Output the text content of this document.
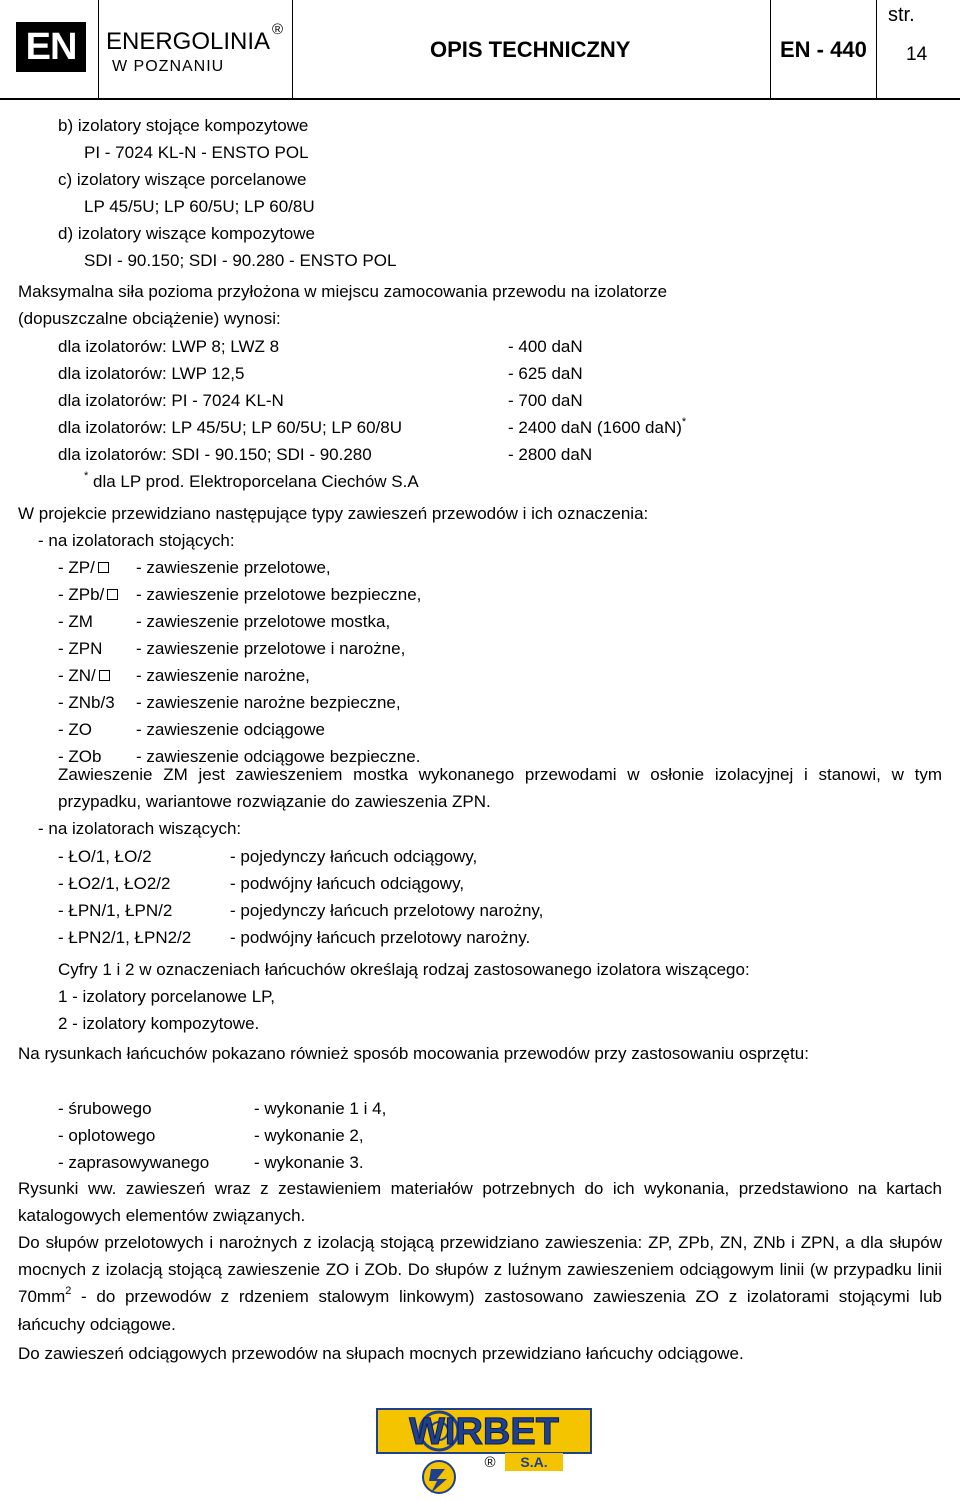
EN	ENERGOLINIA ®
W POZNANIU
OPIS TECHNICZNY	EN - 440
str.
14
b) izolatory stojące kompozytowe
PI - 7024 KL-N - ENSTO POL
c) izolatory wiszące porcelanowe
LP 45/5U; LP 60/5U; LP 60/8U
d) izolatory wiszące kompozytowe
SDI - 90.150; SDI - 90.280 - ENSTO POL
Maksymalna siła pozioma przyłożona w miejscu zamocowania przewodu na izolatorze
(dopuszczalne obciążenie) wynosi:
dla izolatorów: LWP 8; LWZ 8	- 400 daN
dla izolatorów: LWP 12,5	- 625 daN
dla izolatorów: PI - 7024 KL-N	- 700 daN
dla izolatorów: LP 45/5U; LP 60/5U; LP 60/8U	- 2400 daN (1600 daN)*
dla izolatorów: SDI - 90.150; SDI - 90.280	- 2800 daN
* dla LP prod. Elektroporcelana Ciechów S.A
W projekcie przewidziano następujące typy zawieszeń przewodów i ich oznaczenia:
- na izolatorach stojących:
- ZP/	- zawieszenie przelotowe,
- ZPb/	- zawieszenie przelotowe bezpieczne,
- ZM	- zawieszenie przelotowe mostka,
- ZPN - zawieszenie przelotowe i narożne,
- ZN/	- zawieszenie narożne,
- ZNb/3 - zawieszenie narożne bezpieczne,
- ZO	- zawieszenie odciągowe
- ZOb - zawieszenie odciągowe bezpieczne.
Zawieszenie ZM jest zawieszeniem mostka wykonanego przewodami w osłonie izolacyjnej i stanowi, w tym przypadku, wariantowe rozwiązanie do zawieszenia ZPN.
- na izolatorach wiszących:
- ŁO/1, ŁO/2	- pojedynczy łańcuch odciągowy,
- ŁO2/1, ŁO2/2	- podwójny łańcuch odciągowy,
- ŁPN/1, ŁPN/2	- pojedynczy łańcuch przelotowy narożny,
- ŁPN2/1, ŁPN2/2 - podwójny łańcuch przelotowy narożny.
Cyfry 1 i 2 w oznaczeniach łańcuchów określają rodzaj zastosowanego izolatora wiszącego:
1 - izolatory porcelanowe LP,
2 - izolatory kompozytowe.
Na rysunkach łańcuchów pokazano również sposób mocowania przewodów przy zastosowaniu osprzętu:
- śrubowego	- wykonanie 1 i 4,
- oplotowego	- wykonanie 2,
- zaprasowywanego	- wykonanie 3.
Rysunki ww. zawieszeń wraz z zestawieniem materiałów potrzebnych do ich wykonania, przedstawiono na kartach katalogowych elementów związanych.
Do słupów przelotowych i narożnych z izolacją stojącą przewidziano zawieszenia: ZP, ZPb, ZN, ZNb i ZPN, a dla słupów mocnych z izolacją stojącą zawieszenie ZO i ZOb. Do słupów z luźnym zawieszeniem odciągowym linii (w przypadku linii $70mm^2$ - do przewodów z rdzeniem stalowym linkowym) zastosowano zawieszenia ZO z izolatorami stojącymi lub łańcuchy odciągowe.
Do zawieszeń odciągowych przewodów na słupach mocnych przewidziano łańcuchy odciągowe.
WIRBET
S.A.
®
